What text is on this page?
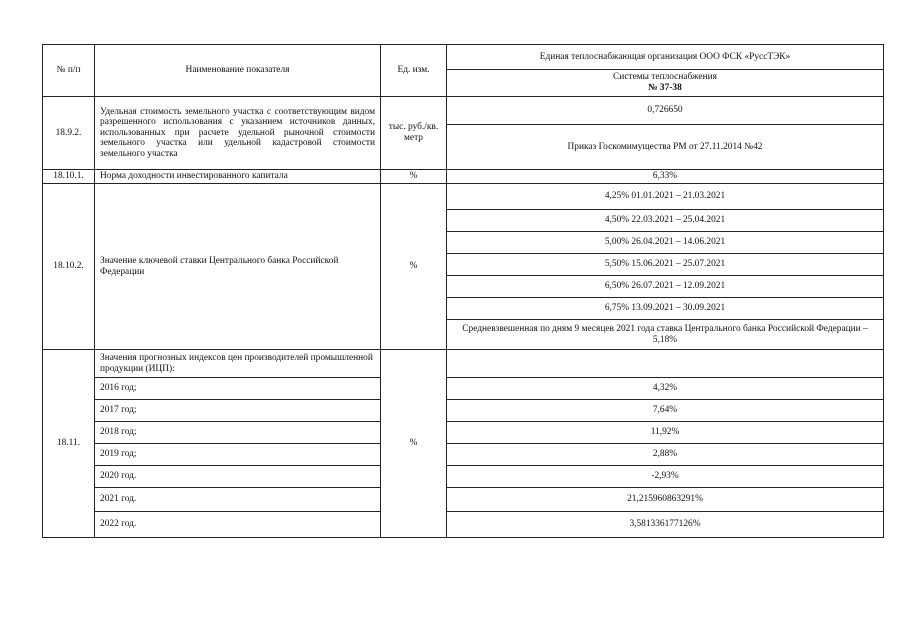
№ п/п	Наименование показателя	Ед. изм.	Единая теплоснабжающая организация ООО ФСК «РуссТЭК»

			Системы теплоснабжения
№ 37-38

18.9.2.	Удельная стоимость земельного участка с соответствующим видом разрешенного использования с указанием источников данных, использованных при расчете удельной рыночной стоимости земельного участка или удельной кадастровой стоимости земельного участка	тыс. руб./кв. метр	0,726650
			Приказ Госкомимущества РМ от 27.11.2014 №42
18.10.1.	Норма доходности инвестированного капитала	%	6,33%
18.10.2.	Значение ключевой ставки Центрального банка Российской Федерации	%	4,25% 01.01.2021 – 21.03.2021
			4,50% 22.03.2021 – 25.04.2021
			5,00% 26.04.2021 – 14.06.2021
			5,50% 15.06.2021 – 25.07.2021
			6,50% 26.07.2021 – 12.09.2021
			6,75% 13.09.2021 – 30.09.2021
			Средневзвешенная по дням 9 месяцев 2021 года ставка Центрального банка Российской Федерации – 5,18%
18.11.	Значения прогнозных индексов цен производителей промышленной продукции (ИЦП):	%	
	2016 год;		4,32%
	2017 год;		7,64%
	2018 год;		11,92%
	2019 год;		2,88%
	2020 год.		-2,93%
	2021 год.		21,215960863291%
	2022 год.		3,581336177126%
